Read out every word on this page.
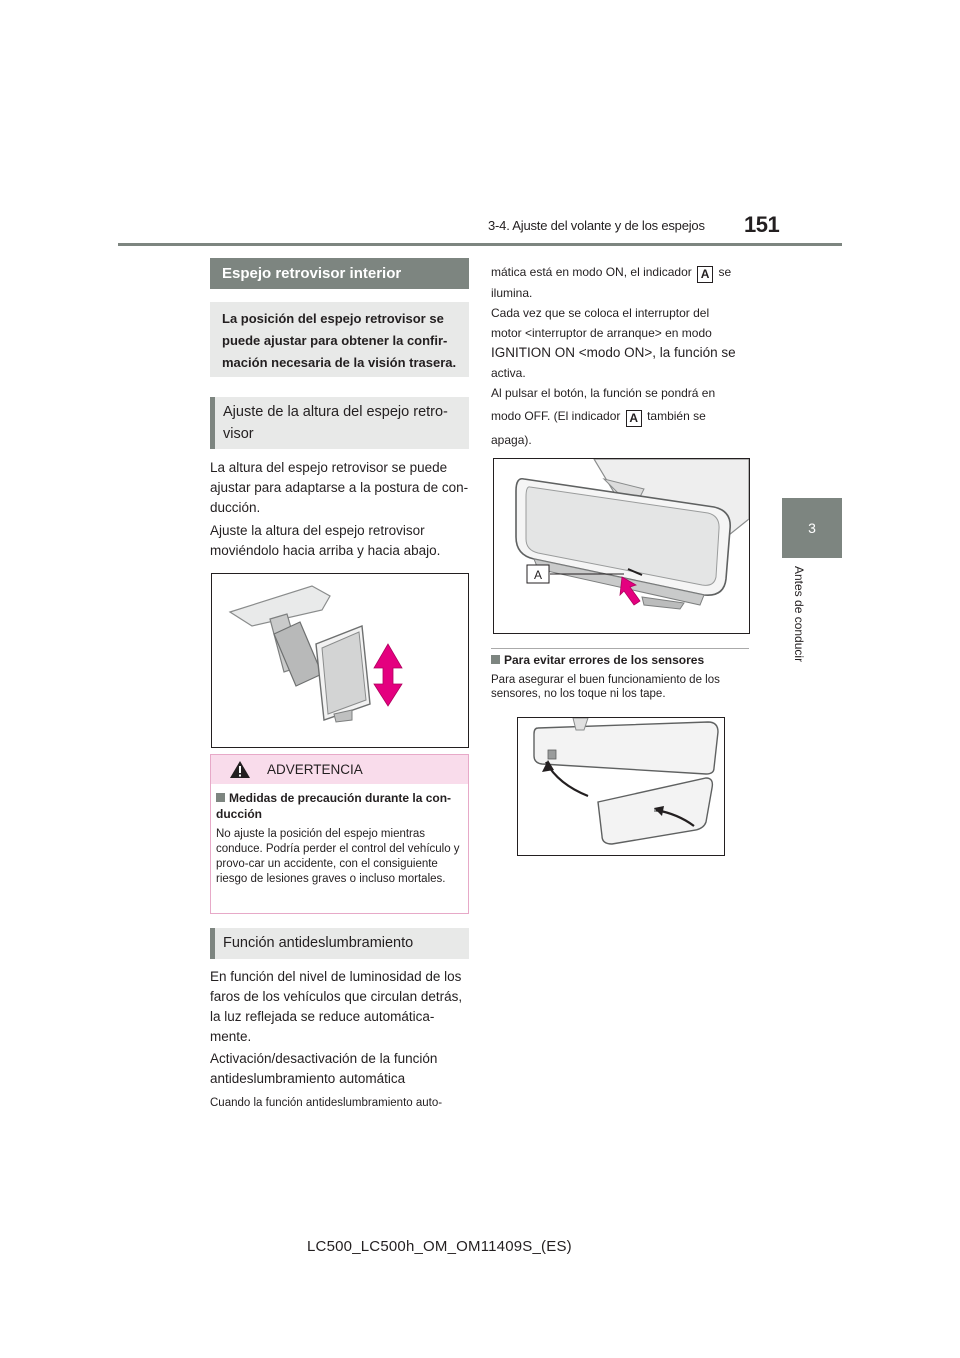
3-4. Ajuste del volante y de los espejos 151
3
Antes de conducir
Espejo retrovisor interior
La posición del espejo retrovisor se puede ajustar para obtener la confir-mación necesaria de la visión trasera.
Ajuste de la altura del espejo retro-visor
La altura del espejo retrovisor se puede ajustar para adaptarse a la postura de con-ducción.
Ajuste la altura del espejo retrovisor moviéndolo hacia arriba y hacia abajo.
ADVERTENCIA
Medidas de precaución durante la con-ducción
No ajuste la posición del espejo mientras conduce. Podría perder el control del vehículo y provo-car un accidente, con el consiguiente riesgo de lesiones graves o incluso mortales.
Función antideslumbramiento
En función del nivel de luminosidad de los faros de los vehículos que circulan detrás, la luz reflejada se reduce automática-mente.
Activación/desactivación de la función antideslumbramiento automática
Cuando la función antideslumbramiento auto-
mática está en modo ON, el indicador A se
ilumina.
Cada vez que se coloca el interruptor del
motor <interruptor de arranque> en modo
IGNITION ON <modo ON>, la función se
activa.
Al pulsar el botón, la función se pondrá en
modo OFF. (El indicador A también se
apaga).
A
Para evitar errores de los sensores
Para asegurar el buen funcionamiento de los sensores, no los toque ni los tape.
LC500_LC500h_OM_OM11409S_(ES)
